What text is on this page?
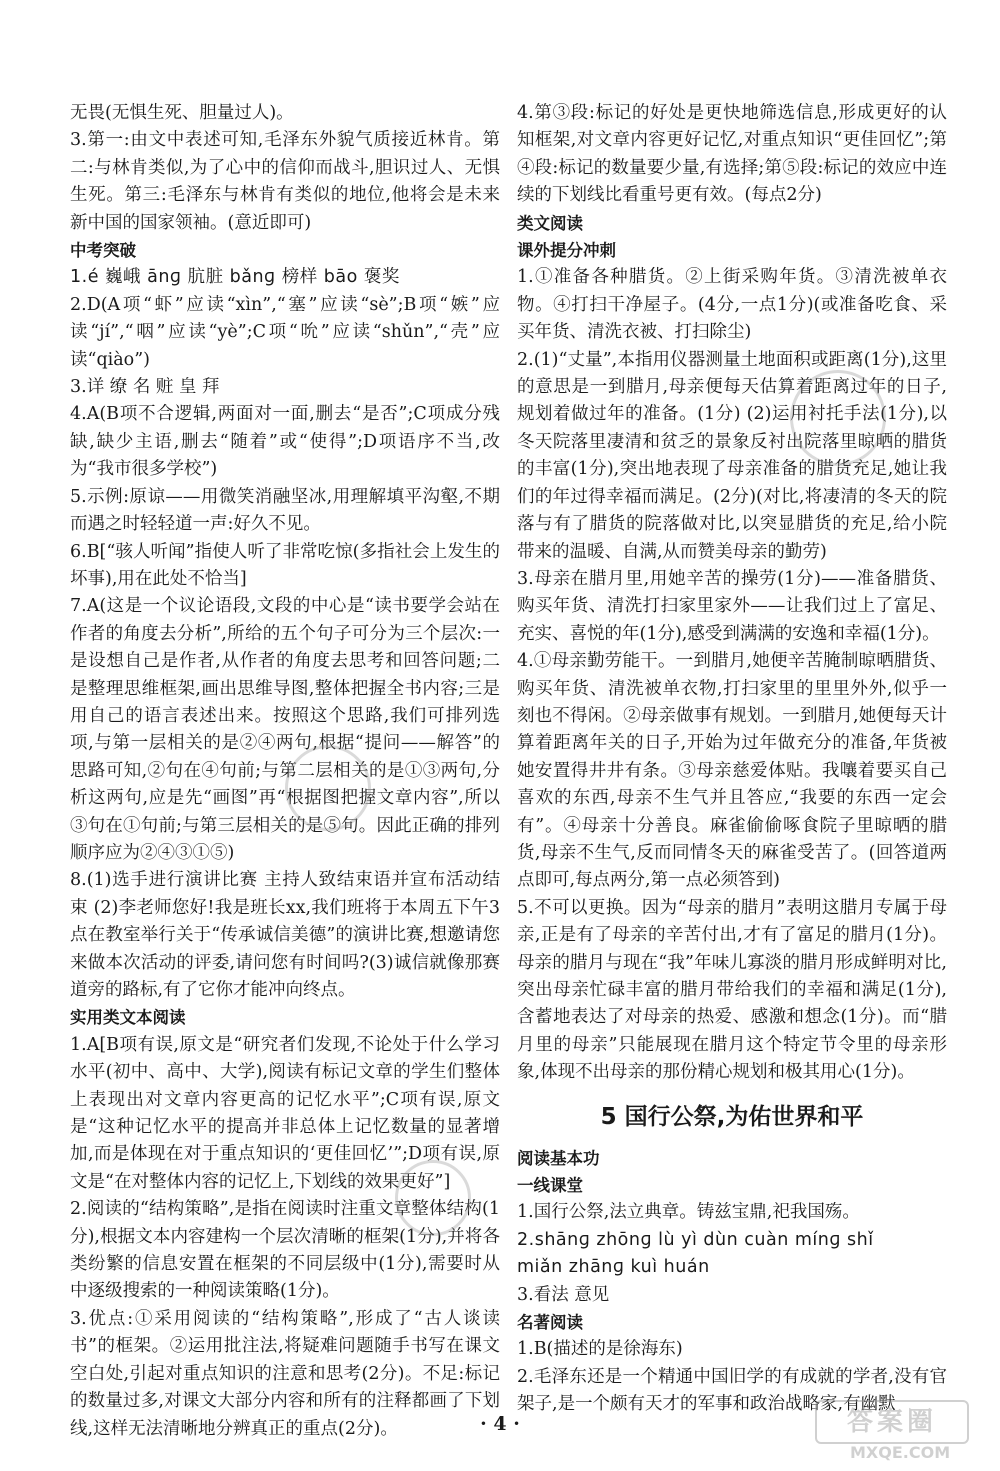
无畏(无惧生死、胆量过人)。

3.第一:由文中表述可知,毛泽东外貌气质接近林肯。第二:与林肯类似,为了心中的信仰而战斗,胆识过人、无惧生死。第三:毛泽东与林肯有类似的地位,他将会是未来新中国的国家领袖。(意近即可)

中考突破

1.é 巍峨 ānɡ 肮脏 bǎnɡ 榜样 bāo 褒奖

2.D(A项“虾”应读“xìn”,“塞”应读“sè”;B项“嫉”应读“jí”,“咽”应读“yè”;C项“吮”应读“shǔn”,“壳”应读“qiào”)

3.详 缭 名 赃 皇 拜

4.A(B项不合逻辑,两面对一面,删去“是否”;C项成分残缺,缺少主语,删去“随着”或“使得”;D项语序不当,改为“我市很多学校”)

5.示例:原谅——用微笑消融坚冰,用理解填平沟壑,不期而遇之时轻轻道一声:好久不见。

6.B[“骇人听闻”指使人听了非常吃惊(多指社会上发生的坏事),用在此处不恰当]

7.A(这是一个议论语段,文段的中心是“读书要学会站在作者的角度去分析”,所给的五个句子可分为三个层次:一是设想自己是作者,从作者的角度去思考和回答问题;二是整理思维框架,画出思维导图,整体把握全书内容;三是用自己的语言表述出来。按照这个思路,我们可排列选项,与第一层相关的是②④两句,根据“提问——解答”的思路可知,②句在④句前;与第二层相关的是①③两句,分析这两句,应是先“画图”再“根据图把握文章内容”,所以③句在①句前;与第三层相关的是⑤句。因此正确的排列顺序应为②④③①⑤)

8.(1)选手进行演讲比赛 主持人致结束语并宣布活动结束 (2)李老师您好!我是班长xx,我们班将于本周五下午3点在教室举行关于“传承诚信美德”的演讲比赛,想邀请您来做本次活动的评委,请问您有时间吗?(3)诚信就像那赛道旁的路标,有了它你才能冲向终点。

实用类文本阅读

1.A[B项有误,原文是“研究者们发现,不论处于什么学习水平(初中、高中、大学),阅读有标记文章的学生们整体上表现出对文章内容更高的记忆水平”;C项有误,原文是“这种记忆水平的提高并非总体上记忆数量的显著增加,而是体现在对于重点知识的‘更佳回忆’”;D项有误,原文是“在对整体内容的记忆上,下划线的效果更好”]

2.阅读的“结构策略”,是指在阅读时注重文章整体结构(1分),根据文本内容建构一个层次清晰的框架(1分),并将各类纷繁的信息安置在框架的不同层级中(1分),需要时从中逐级搜索的一种阅读策略(1分)。

3.优点:①采用阅读的“结构策略”,形成了“古人谈读书”的框架。②运用批注法,将疑难问题随手书写在课文空白处,引起对重点知识的注意和思考(2分)。不足:标记的数量过多,对课文大部分内容和所有的注释都画了下划线,这样无法清晰地分辨真正的重点(2分)。

4.第③段:标记的好处是更快地筛选信息,形成更好的认知框架,对文章内容更好记忆,对重点知识“更佳回忆”;第④段:标记的数量要少量,有选择;第⑤段:标记的效应中连续的下划线比看重号更有效。(每点2分)

类文阅读
课外提分冲刺

1.①准备各种腊货。②上街采购年货。③清洗被单衣物。④打扫干净屋子。(4分,一点1分)(或准备吃食、采买年货、清洗衣被、打扫除尘)

2.(1)“丈量”,本指用仪器测量土地面积或距离(1分),这里的意思是一到腊月,母亲便每天估算着距离过年的日子,规划着做过年的准备。(1分) (2)运用衬托手法(1分),以冬天院落里凄清和贫乏的景象反衬出院落里晾晒的腊货的丰富(1分),突出地表现了母亲准备的腊货充足,她让我们的年过得幸福而满足。(2分)(对比,将凄清的冬天的院落与有了腊货的院落做对比,以突显腊货的充足,给小院带来的温暖、自满,从而赞美母亲的勤劳)

3.母亲在腊月里,用她辛苦的操劳(1分)——准备腊货、购买年货、清洗打扫家里家外——让我们过上了富足、充实、喜悦的年(1分),感受到满满的安逸和幸福(1分)。

4.①母亲勤劳能干。一到腊月,她便辛苦腌制晾晒腊货、购买年货、清洗被单衣物,打扫家里的里里外外,似乎一刻也不得闲。②母亲做事有规划。一到腊月,她便每天计算着距离年关的日子,开始为过年做充分的准备,年货被她安置得井井有条。③母亲慈爱体贴。我嚷着要买自己喜欢的东西,母亲不生气并且答应,“我要的东西一定会有”。④母亲十分善良。麻雀偷偷啄食院子里晾晒的腊货,母亲不生气,反而同情冬天的麻雀受苦了。(回答道两点即可,每点两分,第一点必须答到)

5.不可以更换。因为“母亲的腊月”表明这腊月专属于母亲,正是有了母亲的辛苦付出,才有了富足的腊月(1分)。母亲的腊月与现在“我”年味儿寡淡的腊月形成鲜明对比,突出母亲忙碌丰富的腊月带给我们的幸福和满足(1分),含蓄地表达了对母亲的热爱、感激和想念(1分)。而“腊月里的母亲”只能展现在腊月这个特定节令里的母亲形象,体现不出母亲的那份精心规划和极其用心(1分)。

5 国行公祭,为佑世界和平

阅读基本功
一线课堂

1.国行公祭,法立典章。铸兹宝鼎,祀我国殇。

2.shānɡ zhōnɡ lù yì dùn cuàn mínɡ shǐ

miǎn zhānɡ kuì huán

3.看法 意见

名著阅读

1.B(描述的是徐海东)

2.毛泽东还是一个精通中国旧学的有成就的学者,没有官架子,是一个颇有天才的军事和政治战略家,有幽默

· 4 ·	答案圈
MXQE.COM
